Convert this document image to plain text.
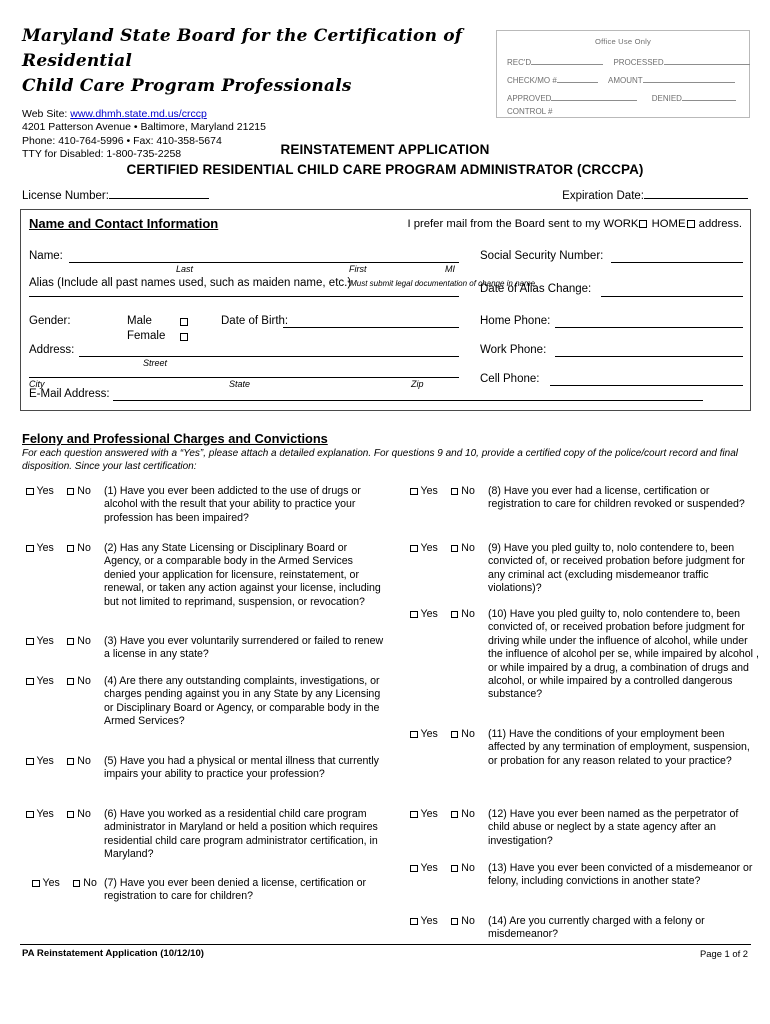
Maryland State Board for the Certification of Residential
Child Care Program Professionals
Web Site: www.dhmh.state.md.us/crccp
4201 Patterson Avenue • Baltimore, Maryland 21215
Phone: 410-764-5996 • Fax: 410-358-5674
TTY for Disabled: 1-800-735-2258
Office Use Only
REC'D	PROCESSED
CHECK/MO #	AMOUNT
APPROVED	DENIED
CONTROL #
REINSTATEMENT APPLICATION
CERTIFIED RESIDENTIAL CHILD CARE PROGRAM ADMINISTRATOR (CRCCPA)
License Number:	Expiration Date:
Name and Contact Information	I prefer mail from the Board sent to my WORK HOME address.
Name:
Last	First	MI
Social Security Number:
Alias (Include all past names used, such as maiden name, etc.)
*Must submit legal documentation of change in name.
Date of Alias Change:
Gender:	Male
Female
Date of Birth:	Home Phone:
Address:
Street
Work Phone:
City	State	Zip	Cell Phone:
E-Mail Address:
Felony and Professional Charges and Convictions
For each question answered with a “Yes”, please attach a detailed explanation. For questions 9 and 10, provide a certified copy of the police/court record and final
disposition. Since your last certification:
Yes No (1) Have you ever been addicted to the use of drugs or alcohol with the result that your ability to practice your profession has been impaired?
Yes No (2) Has any State Licensing or Disciplinary Board or Agency, or a comparable body in the Armed Services denied your application for licensure, reinstatement, or renewal, or taken any action against your license, including but not limited to reprimand, suspension, or revocation?
Yes No (3) Have you ever voluntarily surrendered or failed to renew a license in any state?
Yes No (4) Are there any outstanding complaints, investigations, or charges pending against you in any State by any Licensing or Disciplinary Board or Agency, or comparable body in the Armed Services?
Yes No (5) Have you had a physical or mental illness that currently impairs your ability to practice your profession?
Yes No (6) Have you worked as a residential child care program administrator in Maryland or held a position which requires residential child care program administrator certification, in Maryland?
Yes No (7) Have you ever been denied a license, certification or registration to care for children?
Yes No (8) Have you ever had a license, certification or registration to care for children revoked or suspended?
Yes No (9) Have you pled guilty to, nolo contendere to, been convicted of, or received probation before judgment for any criminal act (excluding misdemeanor traffic violations)?
Yes No (10) Have you pled guilty to, nolo contendere to, been convicted of, or received probation before judgment for driving while under the influence of alcohol, while under the influence of alcohol per se, while impaired by alcohol , or while impaired by a drug, a combination of drugs and alcohol, or while impaired by a controlled dangerous substance?
Yes No (11) Have the conditions of your employment been affected by any termination of employment, suspension, or probation for any reason related to your practice?
Yes No (12) Have you ever been named as the perpetrator of child abuse or neglect by a state agency after an investigation?
Yes No (13) Have you ever been convicted of a misdemeanor or felony, including convictions in another state?
Yes No (14) Are you currently charged with a felony or misdemeanor?
PA Reinstatement Application (10/12/10)	Page 1 of 2
